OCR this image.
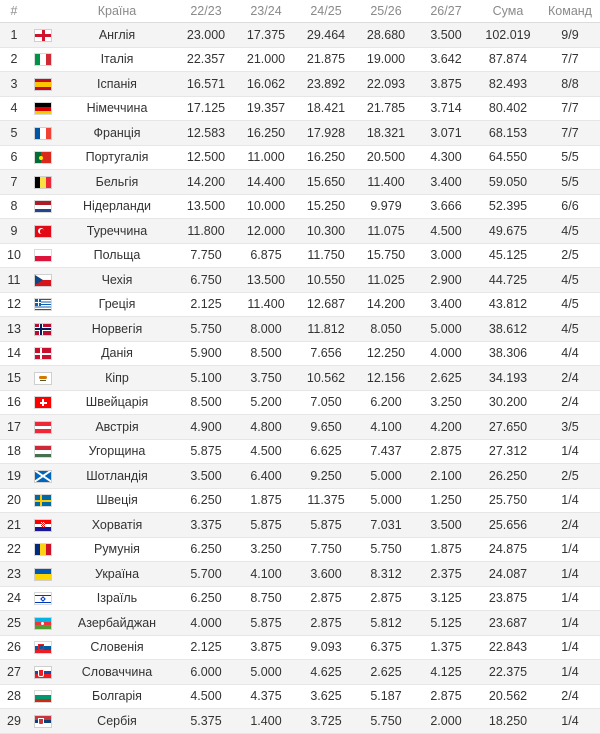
#		Країна	22/23	23/24	24/25	25/26	26/27	Сума	Команд
1		Англія	23.000	17.375	29.464	28.680	3.500	102.019	9/9
2		Італія	22.357	21.000	21.875	19.000	3.642	87.874	7/7
3		Іспанія	16.571	16.062	23.892	22.093	3.875	82.493	8/8
4		Німеччина	17.125	19.357	18.421	21.785	3.714	80.402	7/7
5		Франція	12.583	16.250	17.928	18.321	3.071	68.153	7/7
6		Португалія	12.500	11.000	16.250	20.500	4.300	64.550	5/5
7		Бельгія	14.200	14.400	15.650	11.400	3.400	59.050	5/5
8		Нідерланди	13.500	10.000	15.250	9.979	3.666	52.395	6/6
9		Туреччина	11.800	12.000	10.300	11.075	4.500	49.675	4/5
10		Польща	7.750	6.875	11.750	15.750	3.000	45.125	2/5
11		Чехія	6.750	13.500	10.550	11.025	2.900	44.725	4/5
12		Греція	2.125	11.400	12.687	14.200	3.400	43.812	4/5
13		Норвегія	5.750	8.000	11.812	8.050	5.000	38.612	4/5
14		Данія	5.900	8.500	7.656	12.250	4.000	38.306	4/4
15		Кіпр	5.100	3.750	10.562	12.156	2.625	34.193	2/4
16		Швейцарія	8.500	5.200	7.050	6.200	3.250	30.200	2/4
17		Австрія	4.900	4.800	9.650	4.100	4.200	27.650	3/5
18		Угорщина	5.875	4.500	6.625	7.437	2.875	27.312	1/4
19		Шотландія	3.500	6.400	9.250	5.000	2.100	26.250	2/5
20		Швеція	6.250	1.875	11.375	5.000	1.250	25.750	1/4
21		Хорватія	3.375	5.875	5.875	7.031	3.500	25.656	2/4
22		Румунія	6.250	3.250	7.750	5.750	1.875	24.875	1/4
23		Україна	5.700	4.100	3.600	8.312	2.375	24.087	1/4
24		Ізраїль	6.250	8.750	2.875	2.875	3.125	23.875	1/4
25		Азербайджан	4.000	5.875	2.875	5.812	5.125	23.687	1/4
26		Словенія	2.125	3.875	9.093	6.375	1.375	22.843	1/4
27		Словаччина	6.000	5.000	4.625	2.625	4.125	22.375	1/4
28		Болгарія	4.500	4.375	3.625	5.187	2.875	20.562	2/4
29		Сербія	5.375	1.400	3.725	5.750	2.000	18.250	1/4
